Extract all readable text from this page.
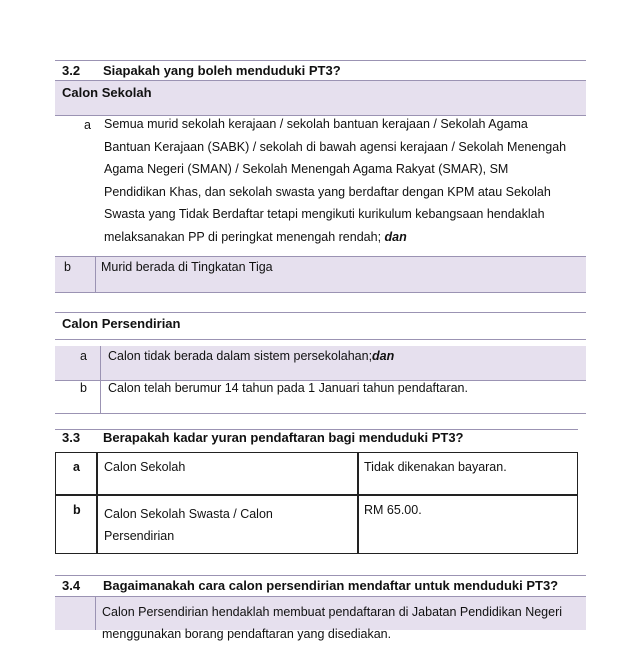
3.2 Siapakah yang boleh menduduki PT3?
Calon Sekolah
a Semua murid sekolah kerajaan / sekolah bantuan kerajaan / Sekolah Agama
Bantuan Kerajaan (SABK) / sekolah di bawah agensi kerajaan / Sekolah Menengah
Agama Negeri (SMAN) / Sekolah Menengah Agama Rakyat (SMAR), SM
Pendidikan Khas, dan sekolah swasta yang berdaftar dengan KPM atau Sekolah
Swasta yang Tidak Berdaftar tetapi mengikuti kurikulum kebangsaan hendaklah
melaksanakan PP di peringkat menengah rendah; dan
b Murid berada di Tingkatan Tiga
Calon Persendirian
a Calon tidak berada dalam sistem persekolahan;dan
b Calon telah berumur 14 tahun pada 1 Januari tahun pendaftaran.
3.3 Berapakah kadar yuran pendaftaran bagi menduduki PT3?
a Calon Sekolah	Tidak dikenakan bayaran.
b Calon Sekolah Swasta / Calon
Persendirian
RM 65.00.
3.4 Bagaimanakah cara calon persendirian mendaftar untuk menduduki PT3?
Calon Persendirian hendaklah membuat pendaftaran di Jabatan Pendidikan Negeri
menggunakan borang pendaftaran yang disediakan.
